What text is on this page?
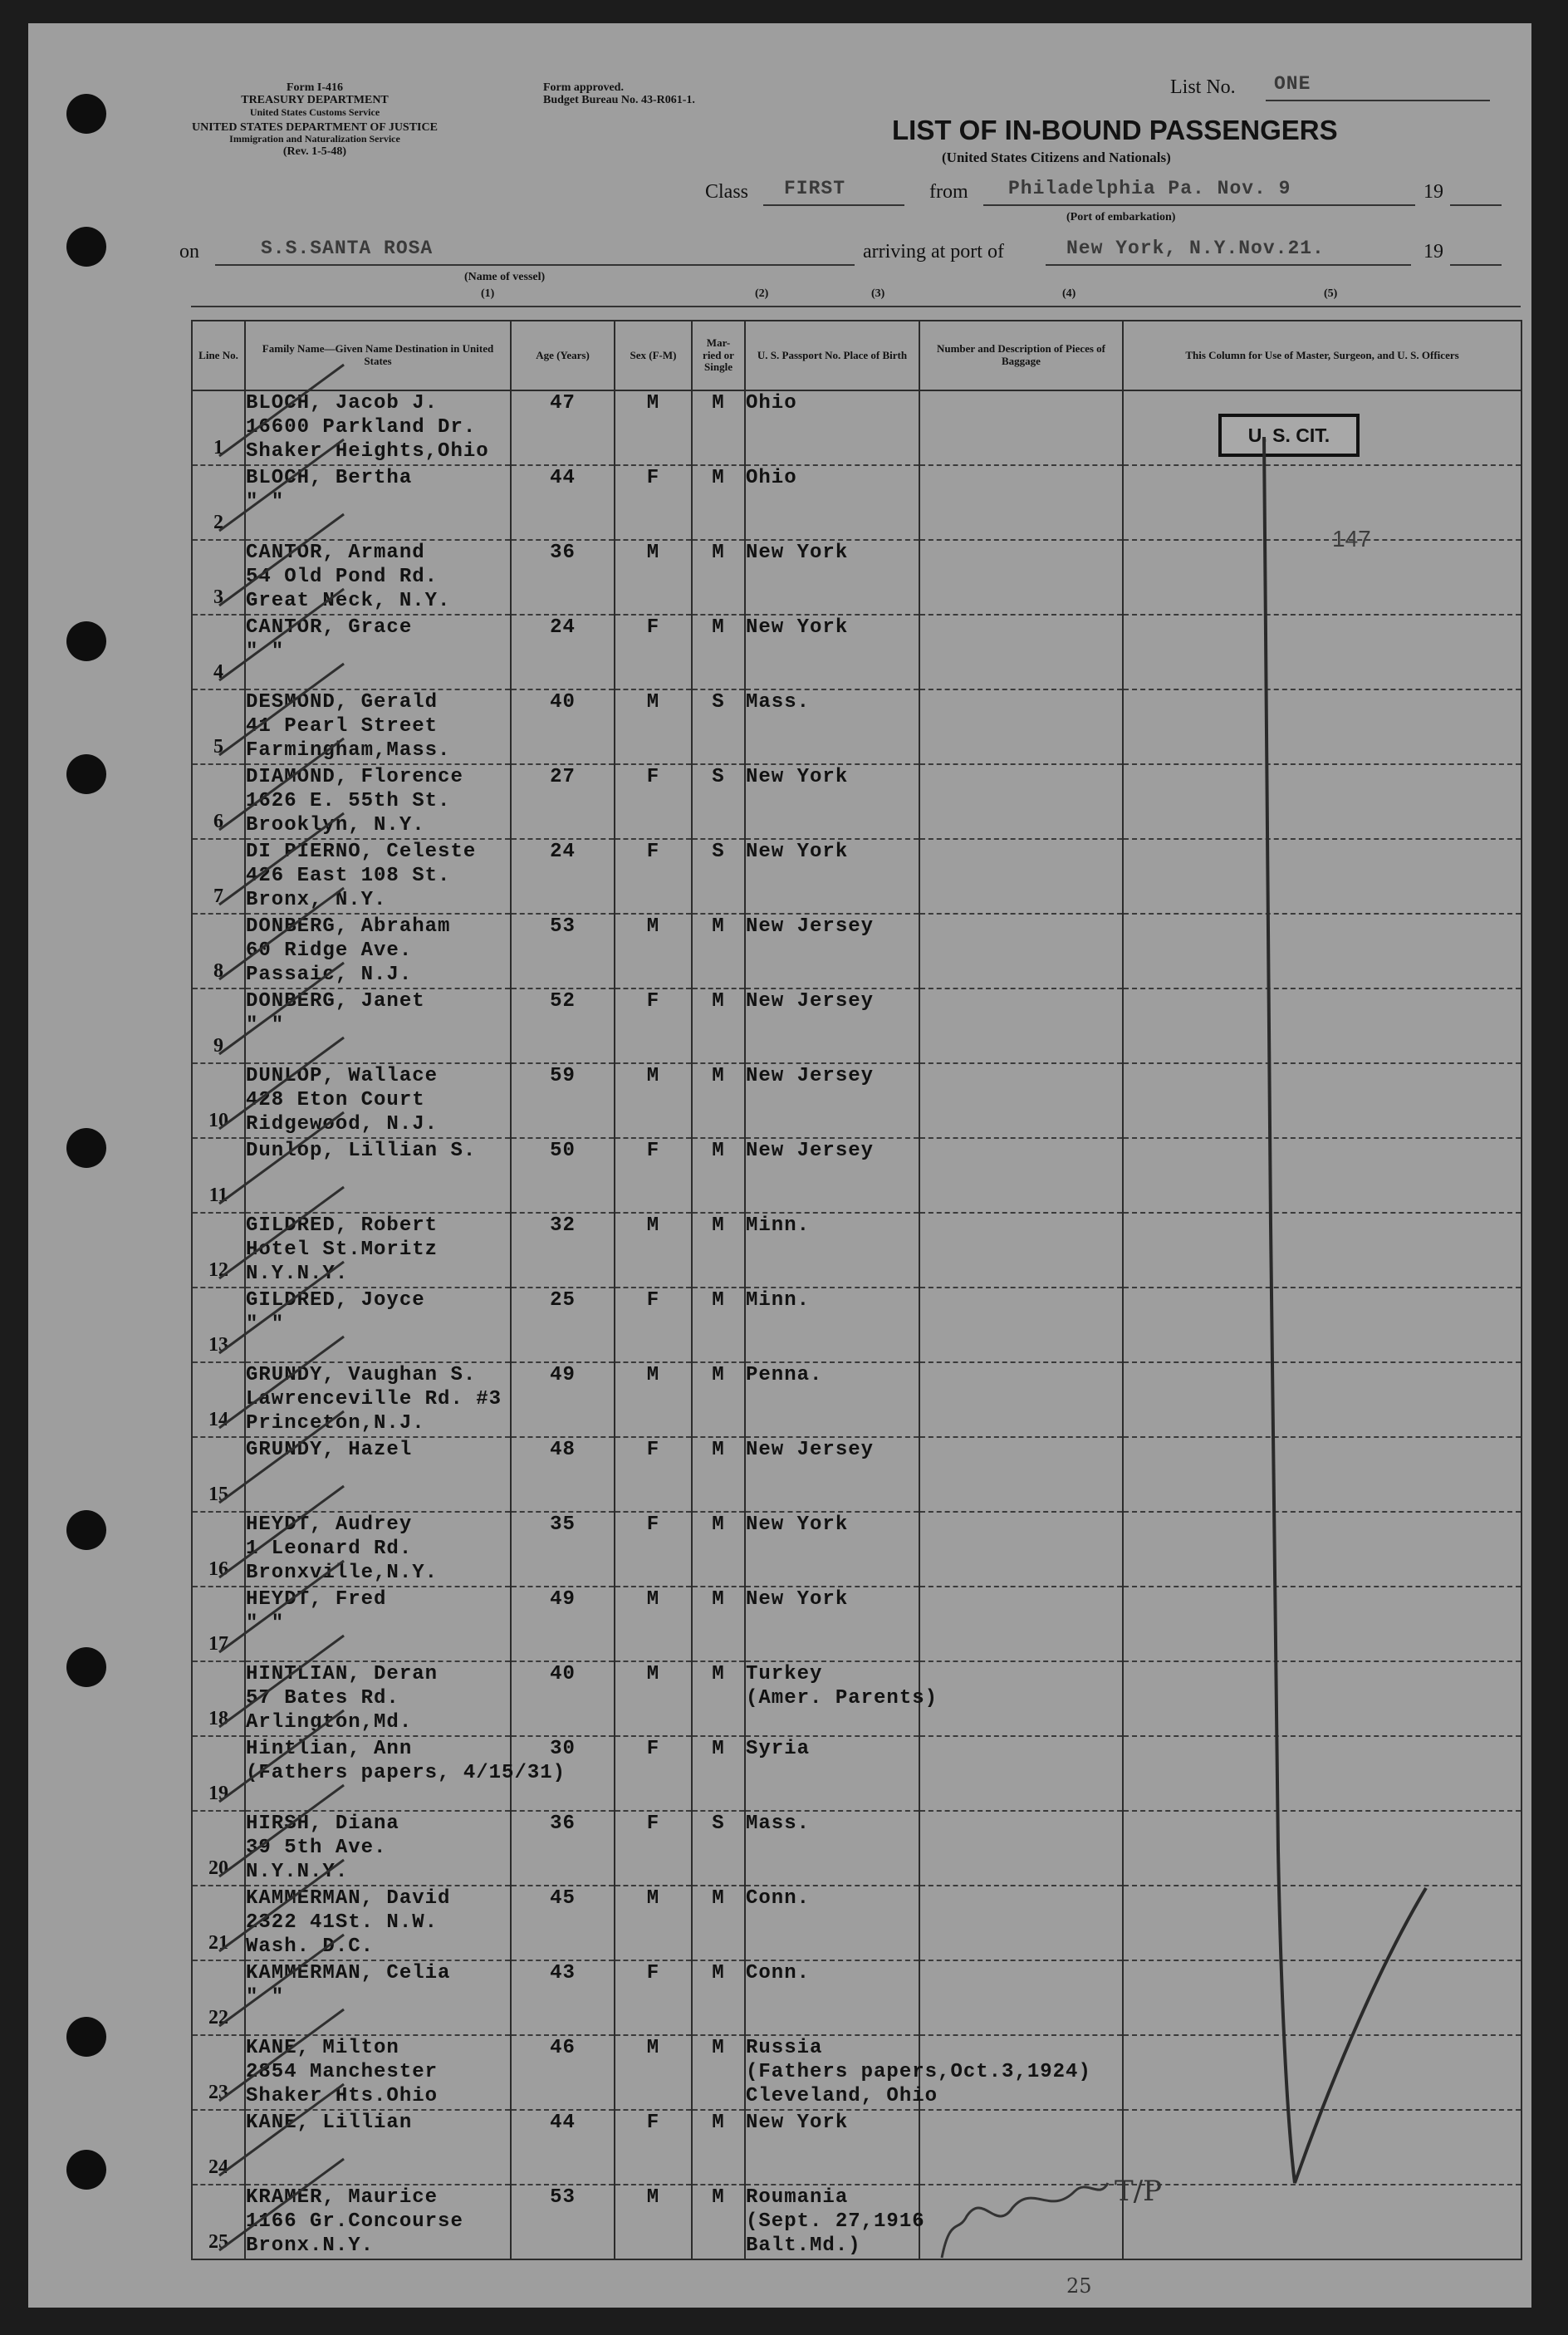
Form I-416
TREASURY DEPARTMENT
United States Customs Service
UNITED STATES DEPARTMENT OF JUSTICE
Immigration and Naturalization Service
(Rev. 1-5-48)
Form approved.
Budget Bureau No. 43-R061-1.
List No. ONE
LIST OF IN-BOUND PASSENGERS
(United States Citizens and Nationals)
Class FIRST	from Philadelphia Pa. Nov. 9	19
(Port of embarkation)
on	S.S.SANTA ROSA	arriving at port of	New York, N.Y.Nov.21.	19
(Name of vessel)
(1)	(2)	(3)	(4)	(5)
Line No.	Family Name—Given Name Destination in United States	Age (Years)	Sex (F-M)	Mar- ried or Single	U. S. Passport No. Place of Birth	Number and Description of Pieces of Baggage	This Column for Use of Master, Surgeon, and U. S. Officers

1	BLOCH, Jacob J.
16600 Parkland Dr.
Shaker Heights,Ohio	47	M	M	Ohio		

2	BLOCH, Bertha
" "	44	F	M	Ohio		

3	CANTOR, Armand
54 Old Pond Rd.
Great Neck, N.Y.	36	M	M	New York		

4	CANTOR, Grace
" "	24	F	M	New York		

5	DESMOND, Gerald
41 Pearl Street
Farmingham,Mass.	40	M	S	Mass.		

6	DIAMOND, Florence
1626 E. 55th St.
Brooklyn, N.Y.	27	F	S	New York		

7	DI PIERNO, Celeste
426 East 108 St.
Bronx, N.Y.	24	F	S	New York		

8	DONBERG, Abraham
60 Ridge Ave.
Passaic, N.J.	53	M	M	New Jersey		

9	DONBERG, Janet
" "	52	F	M	New Jersey		

10	DUNLOP, Wallace
428 Eton Court
Ridgewood, N.J.	59	M	M	New Jersey		

11	Dunlop, Lillian S.	50	F	M	New Jersey		

12	GILDRED, Robert
Hotel St.Moritz
N.Y.N.Y.	32	M	M	Minn.		

13	GILDRED, Joyce
" "	25	F	M	Minn.		

14	GRUNDY, Vaughan S.
Lawrenceville Rd. #3
Princeton,N.J.	49	M	M	Penna.		

15	GRUNDY, Hazel	48	F	M	New Jersey		

16	HEYDT, Audrey
1 Leonard Rd.
Bronxville,N.Y.	35	F	M	New York		

17	HEYDT, Fred
" "	49	M	M	New York		

18	HINTLIAN, Deran
57 Bates Rd.
Arlington,Md.	40	M	M	Turkey
(Amer. Parents)		

19	Hintlian, Ann
(Fathers papers, 4/15/31)	30	F	M	Syria		

20	HIRSH, Diana
39 5th Ave.
N.Y.N.Y.	36	F	S	Mass.		

21	KAMMERMAN, David
2322 41St. N.W.
Wash. D.C.	45	M	M	Conn.		

22	KAMMERMAN, Celia
" "	43	F	M	Conn.		

23	KANE, Milton
2854 Manchester
Shaker Hts.Ohio	46	M	M	Russia
(Fathers papers,Oct.3,1924)
Cleveland, Ohio		

24	KANE, Lillian	44	F	M	New York		

25	KRAMER, Maurice
1166 Gr.Concourse
Bronx.N.Y.	53	M	M	Roumania
(Sept. 27,1916
Balt.Md.)		

U. S. CIT.
147
T/P
25
